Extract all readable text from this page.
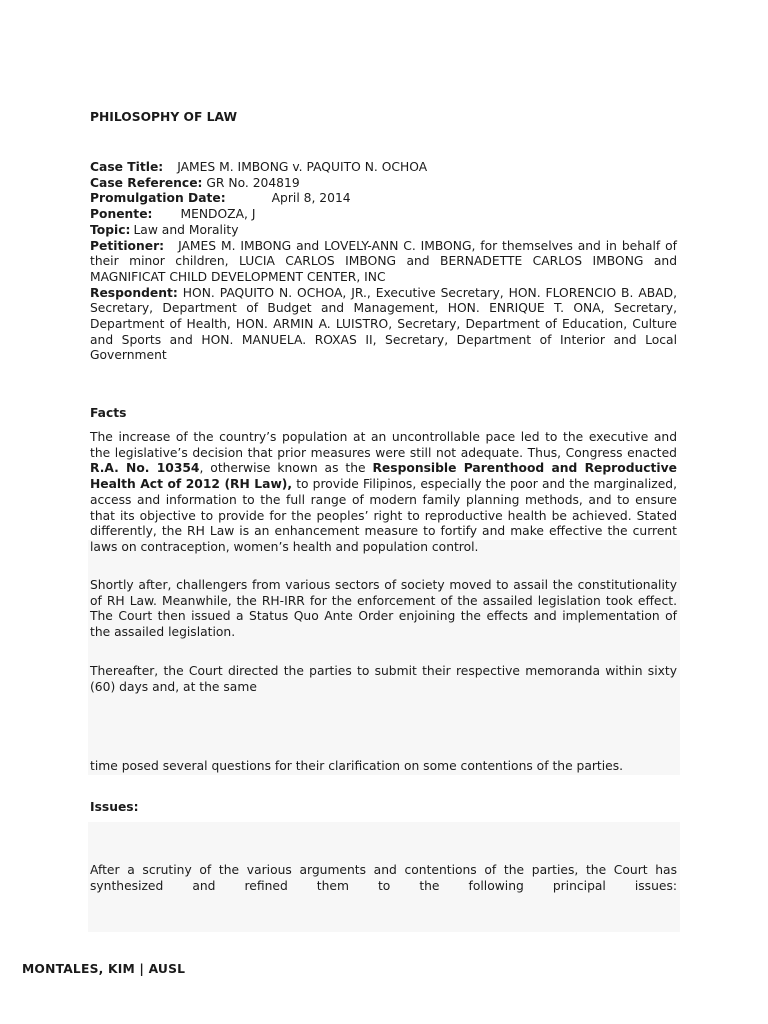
PHILOSOPHY OF LAW

Case Title: JAMES M. IMBONG v. PAQUITO N. OCHOA

Case Reference: GR No. 204819

Promulgation Date:	April 8, 2014

Ponente: MENDOZA, J

Topic: Law and Morality

Petitioner: JAMES M. IMBONG and LOVELY-ANN C. IMBONG, for themselves and in behalf of their minor children, LUCIA CARLOS IMBONG and BERNADETTE CARLOS IMBONG and MAGNIFICAT CHILD DEVELOPMENT CENTER, INC

Respondent: HON. PAQUITO N. OCHOA, JR., Executive Secretary, HON. FLORENCIO B. ABAD, Secretary, Department of Budget and Management, HON. ENRIQUE T. ONA, Secretary, Department of Health, HON. ARMIN A. LUISTRO, Secretary, Department of Education, Culture and Sports and HON. MANUELA. ROXAS II, Secretary, Department of Interior and Local Government

Facts

The increase of the country’s population at an uncontrollable pace led to the executive and the legislative’s decision that prior measures were still not adequate. Thus, Congress enacted R.A. No. 10354, otherwise known as the Responsible Parenthood and Reproductive Health Act of 2012 (RH Law), to provide Filipinos, especially the poor and the marginalized, access and information to the full range of modern family planning methods, and to ensure that its objective to provide for the peoples’ right to reproductive health be achieved. Stated differently, the RH Law is an enhancement measure to fortify and make effective the current laws on contraception, women’s health and population control.

Shortly after, challengers from various sectors of society moved to assail the constitutionality of RH Law. Meanwhile, the RH-IRR for the enforcement of the assailed legislation took effect. The Court then issued a Status Quo Ante Order enjoining the effects and implementation of the assailed legislation.

Thereafter, the Court directed the parties to submit their respective memoranda within sixty (60) days and, at the same

time posed several questions for their clarification on some contentions of the parties.

Issues:

After a scrutiny of the various arguments and contentions of the parties, the Court has

synthesized and refined them to the following principal issues:

MONTALES, KIM | AUSL
